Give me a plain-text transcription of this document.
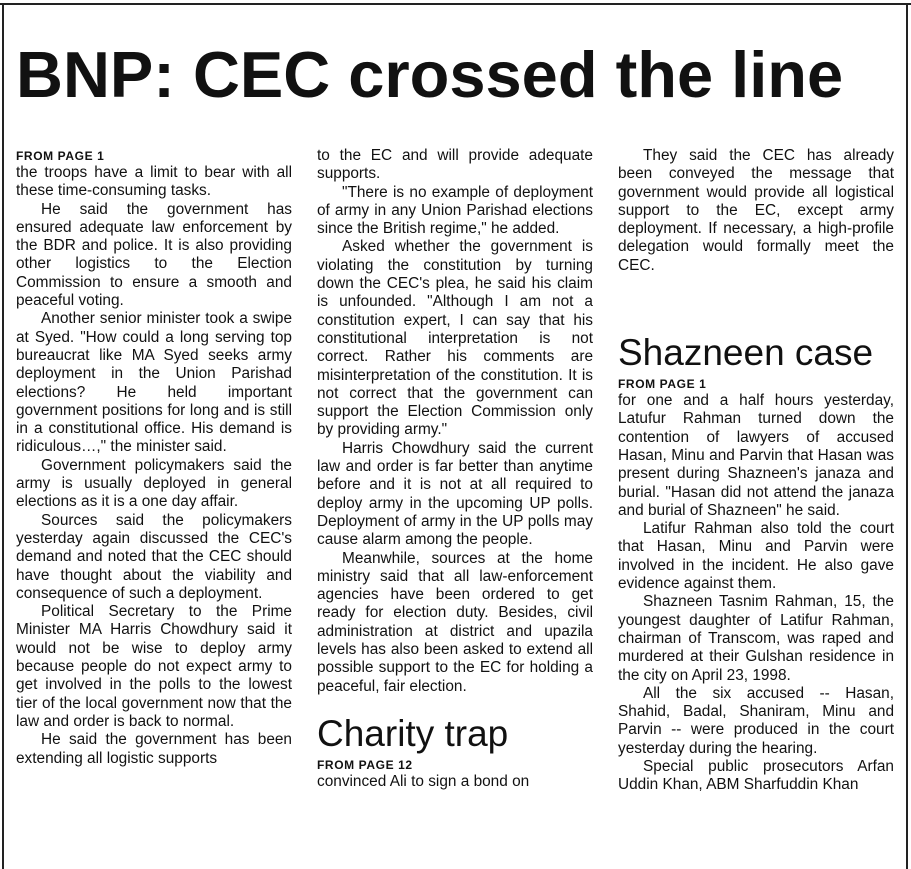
BNP: CEC crossed the line
FROM PAGE 1

the troops have a limit to bear with all these time-consuming tasks.

He said the government has ensured adequate law enforcement by the BDR and police. It is also providing other logistics to the Election Commission to ensure a smooth and peaceful voting.

Another senior minister took a swipe at Syed. "How could a long serving top bureaucrat like MA Syed seeks army deployment in the Union Parishad elections? He held important government positions for long and is still in a constitutional office. His demand is ridiculous…," the minister said.

Government policymakers said the army is usually deployed in general elections as it is a one day affair.

Sources said the policymakers yesterday again discussed the CEC's demand and noted that the CEC should have thought about the viability and consequence of such a deployment.

Political Secretary to the Prime Minister MA Harris Chowdhury said it would not be wise to deploy army because people do not expect army to get involved in the polls to the lowest tier of the local government now that the law and order is back to normal.

He said the government has been extending all logistic supports

to the EC and will provide adequate supports.

"There is no example of deployment of army in any Union Parishad elections since the British regime," he added.

Asked whether the government is violating the constitution by turning down the CEC's plea, he said his claim is unfounded. "Although I am not a constitution expert, I can say that his constitutional interpretation is not correct. Rather his comments are misinterpretation of the constitution. It is not correct that the government can support the Election Commission only by providing army."

Harris Chowdhury said the current law and order is far better than anytime before and it is not at all required to deploy army in the upcoming UP polls. Deployment of army in the UP polls may cause alarm among the people.

Meanwhile, sources at the home ministry said that all law-enforcement agencies have been ordered to get ready for election duty. Besides, civil administration at district and upazila levels has also been asked to extend all possible support to the EC for holding a peaceful, fair election.

Charity trap
FROM PAGE 12

convinced Ali to sign a bond on

They said the CEC has already been conveyed the message that government would provide all logistical support to the EC, except army deployment. If necessary, a high-profile delegation would formally meet the CEC.

Shazneen case
FROM PAGE 1

for one and a half hours yesterday, Latufur Rahman turned down the contention of lawyers of accused Hasan, Minu and Parvin that Hasan was present during Shazneen's janaza and burial. "Hasan did not attend the janaza and burial of Shazneen" he said.

Latifur Rahman also told the court that Hasan, Minu and Parvin were involved in the incident. He also gave evidence against them.

Shazneen Tasnim Rahman, 15, the youngest daughter of Latifur Rahman, chairman of Transcom, was raped and murdered at their Gulshan residence in the city on April 23, 1998.

All the six accused -- Hasan, Shahid, Badal, Shaniram, Minu and Parvin -- were produced in the court yesterday during the hearing.

Special public prosecutors Arfan Uddin Khan, ABM Sharfuddin Khan
